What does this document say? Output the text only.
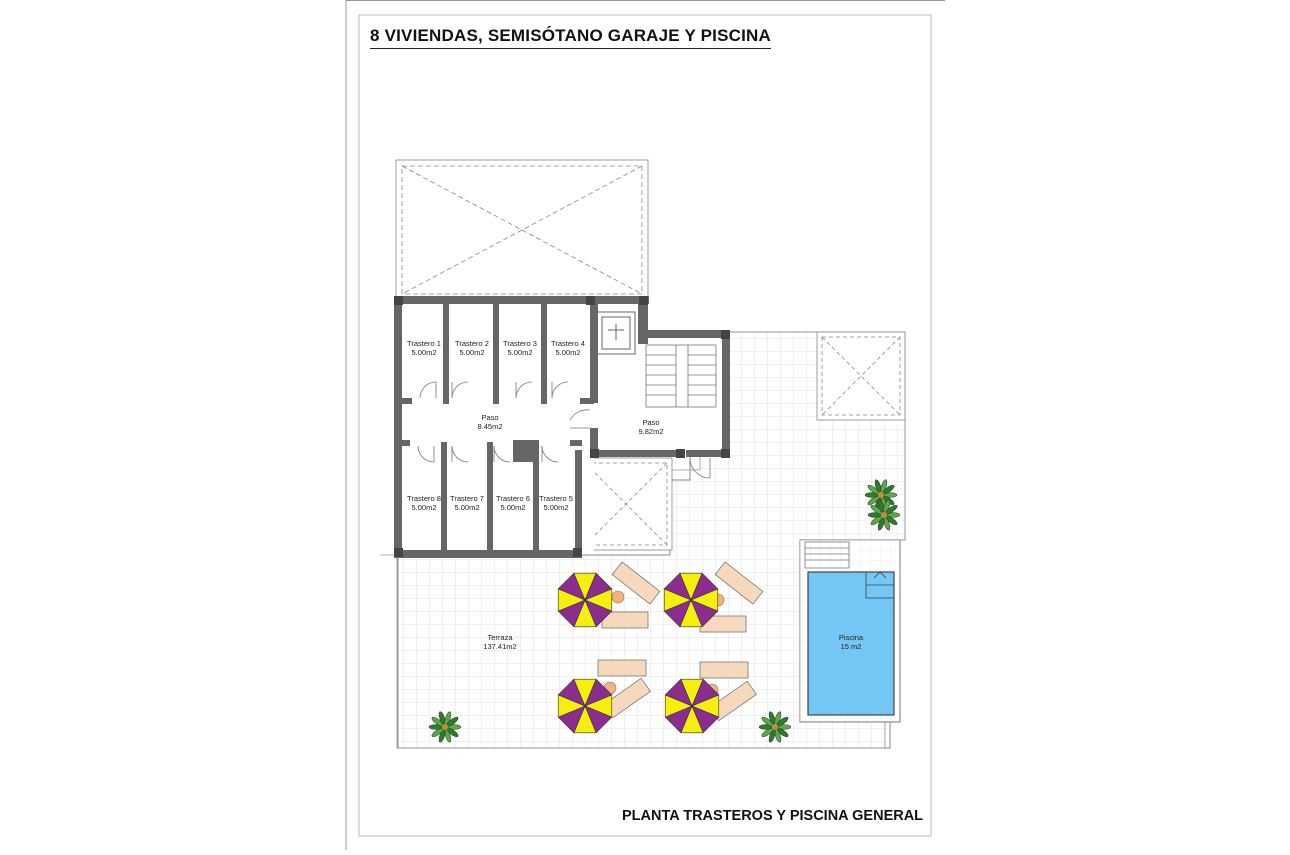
Trastero 1
5.00m2
Trastero 2
5.00m2
Trastero 3
5.00m2
Trastero 4
5.00m2
Paso
8.45m2	Paso
9.82m2
Trastero 8
5.00m2
Trastero 7
5.00m2
Trastero 6
5.00m2
Trastero 5
5.00m2
Terraza
137.41m2
Piscina
15 m2
8 VIVIENDAS, SEMISÓTANO GARAJE Y PISCINA
PLANTA TRASTEROS Y PISCINA GENERAL
